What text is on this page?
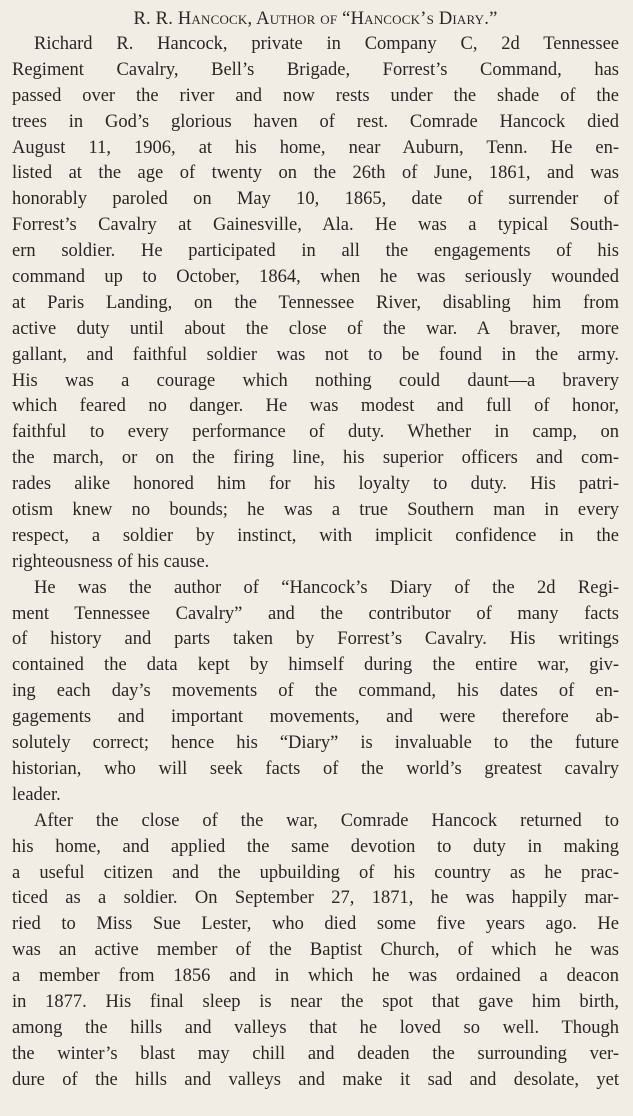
R. R. Hancock, Author of “Hancock’s Diary.”
Richard R. Hancock, private in Company C, 2d Tennessee
Regiment Cavalry, Bell’s Brigade, Forrest’s Command, has
passed over the river and now rests under the shade of the
trees in God’s glorious haven of rest. Comrade Hancock died
August 11, 1906, at his home, near Auburn, Tenn. He en-
listed at the age of twenty on the 26th of June, 1861, and was
honorably paroled on May 10, 1865, date of surrender of
Forrest’s Cavalry at Gainesville, Ala. He was a typical South-
ern soldier. He participated in all the engagements of his
command up to October, 1864, when he was seriously wounded
at Paris Landing, on the Tennessee River, disabling him from
active duty until about the close of the war. A braver, more
gallant, and faithful soldier was not to be found in the army.
His was a courage which nothing could daunt—a bravery
which feared no danger. He was modest and full of honor,
faithful to every performance of duty. Whether in camp, on
the march, or on the firing line, his superior officers and com-
rades alike honored him for his loyalty to duty. His patri-
otism knew no bounds; he was a true Southern man in every
respect, a soldier by instinct, with implicit confidence in the
righteousness of his cause.
He was the author of “Hancock’s Diary of the 2d Regi-
ment Tennessee Cavalry” and the contributor of many facts
of history and parts taken by Forrest’s Cavalry. His writings
contained the data kept by himself during the entire war, giv-
ing each day’s movements of the command, his dates of en-
gagements and important movements, and were therefore ab-
solutely correct; hence his “Diary” is invaluable to the future
historian, who will seek facts of the world’s greatest cavalry
leader.
After the close of the war, Comrade Hancock returned to
his home, and applied the same devotion to duty in making
a useful citizen and the upbuilding of his country as he prac-
ticed as a soldier. On September 27, 1871, he was happily mar-
ried to Miss Sue Lester, who died some five years ago. He
was an active member of the Baptist Church, of which he was
a member from 1856 and in which he was ordained a deacon
in 1877. His final sleep is near the spot that gave him birth,
among the hills and valleys that he loved so well. Though
the winter’s blast may chill and deaden the surrounding ver-
dure of the hills and valleys and make it sad and desolate, yet
